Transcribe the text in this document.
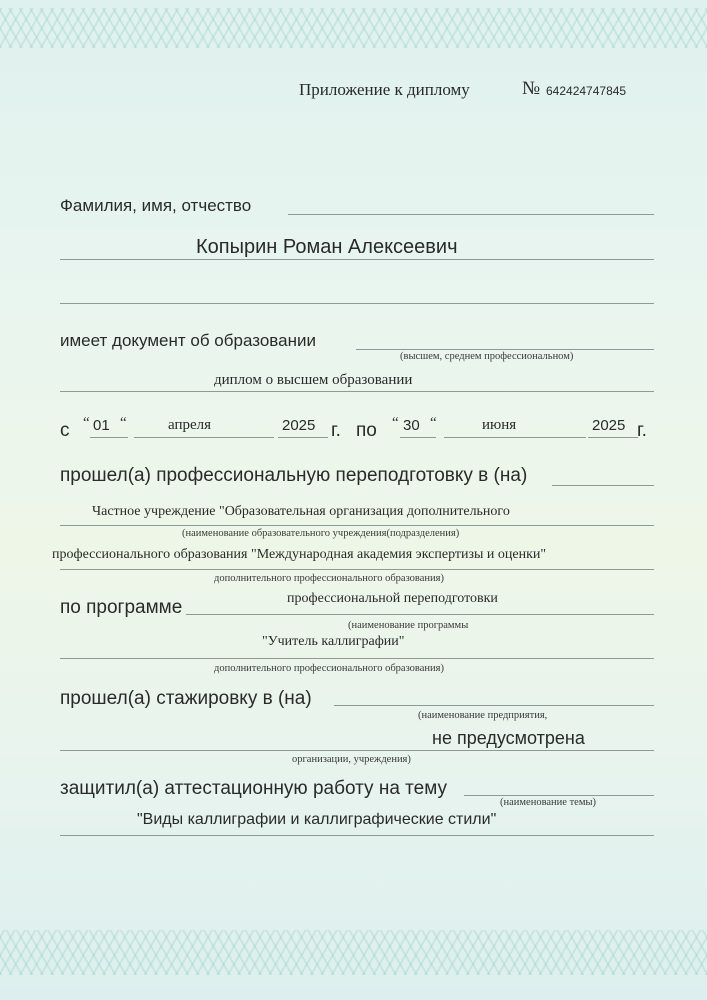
Приложение к диплому	№ 642424747845
Фамилия, имя, отчество
Копырин Роман Алексеевич
имеет документ об образовании
(высшем, среднем профессиональном)
диплом о высшем образовании
с “ 01 “	апреля	2025 г. по “ 30 “	июня	2025 г.
прошел(а) профессиональную переподготовку в (на)
Частное учреждение "Образовательная организация дополнительного
(наименование образовательного учреждения(подразделения)
профессионального образования "Международная академия экспертизы и оценки"
дополнительного профессионального образования)
по программе	профессиональной переподготовки
(наименование программы
"Учитель каллиграфии"
дополнительного профессионального образования)
прошел(а) стажировку в (на)
(наименование предприятия,
не предусмотрена
организации, учреждения)
защитил(а) аттестационную работу на тему
(наименование темы)
"Виды каллиграфии и каллиграфические стили"
